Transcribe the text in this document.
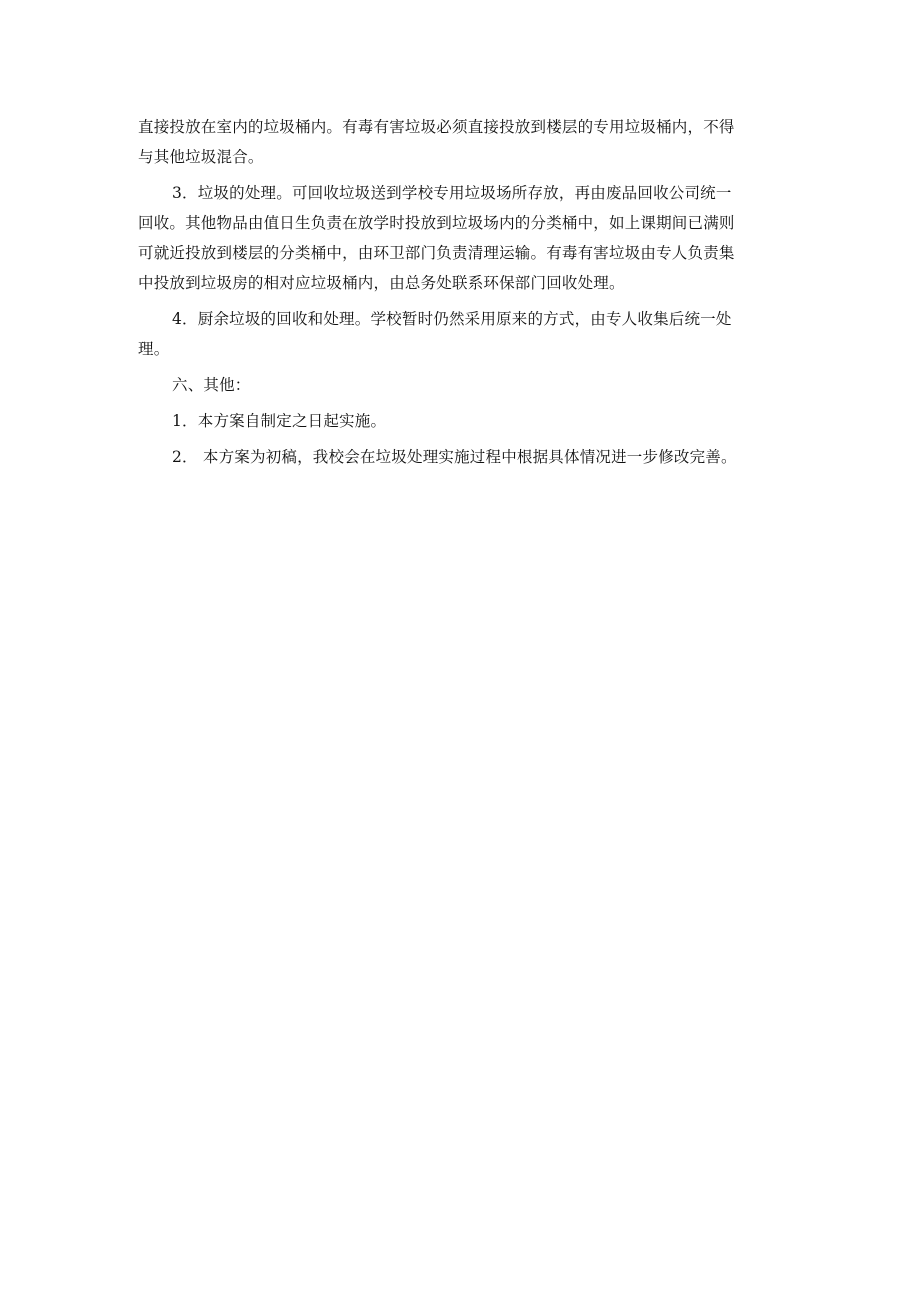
直接投放在室内的垃圾桶内。有毒有害垃圾必须直接投放到楼层的专用垃圾桶内，不得
与其他垃圾混合。
3．垃圾的处理。可回收垃圾送到学校专用垃圾场所存放，再由废品回收公司统一
回收。其他物品由值日生负责在放学时投放到垃圾场内的分类桶中，如上课期间已满则
可就近投放到楼层的分类桶中，由环卫部门负责清理运输。有毒有害垃圾由专人负责集
中投放到垃圾房的相对应垃圾桶内，由总务处联系环保部门回收处理。
4．厨余垃圾的回收和处理。学校暂时仍然采用原来的方式，由专人收集后统一处
理。
六、其他：
1．本方案自制定之日起实施。
2． 本方案为初稿，我校会在垃圾处理实施过程中根据具体情况进一步修改完善。
